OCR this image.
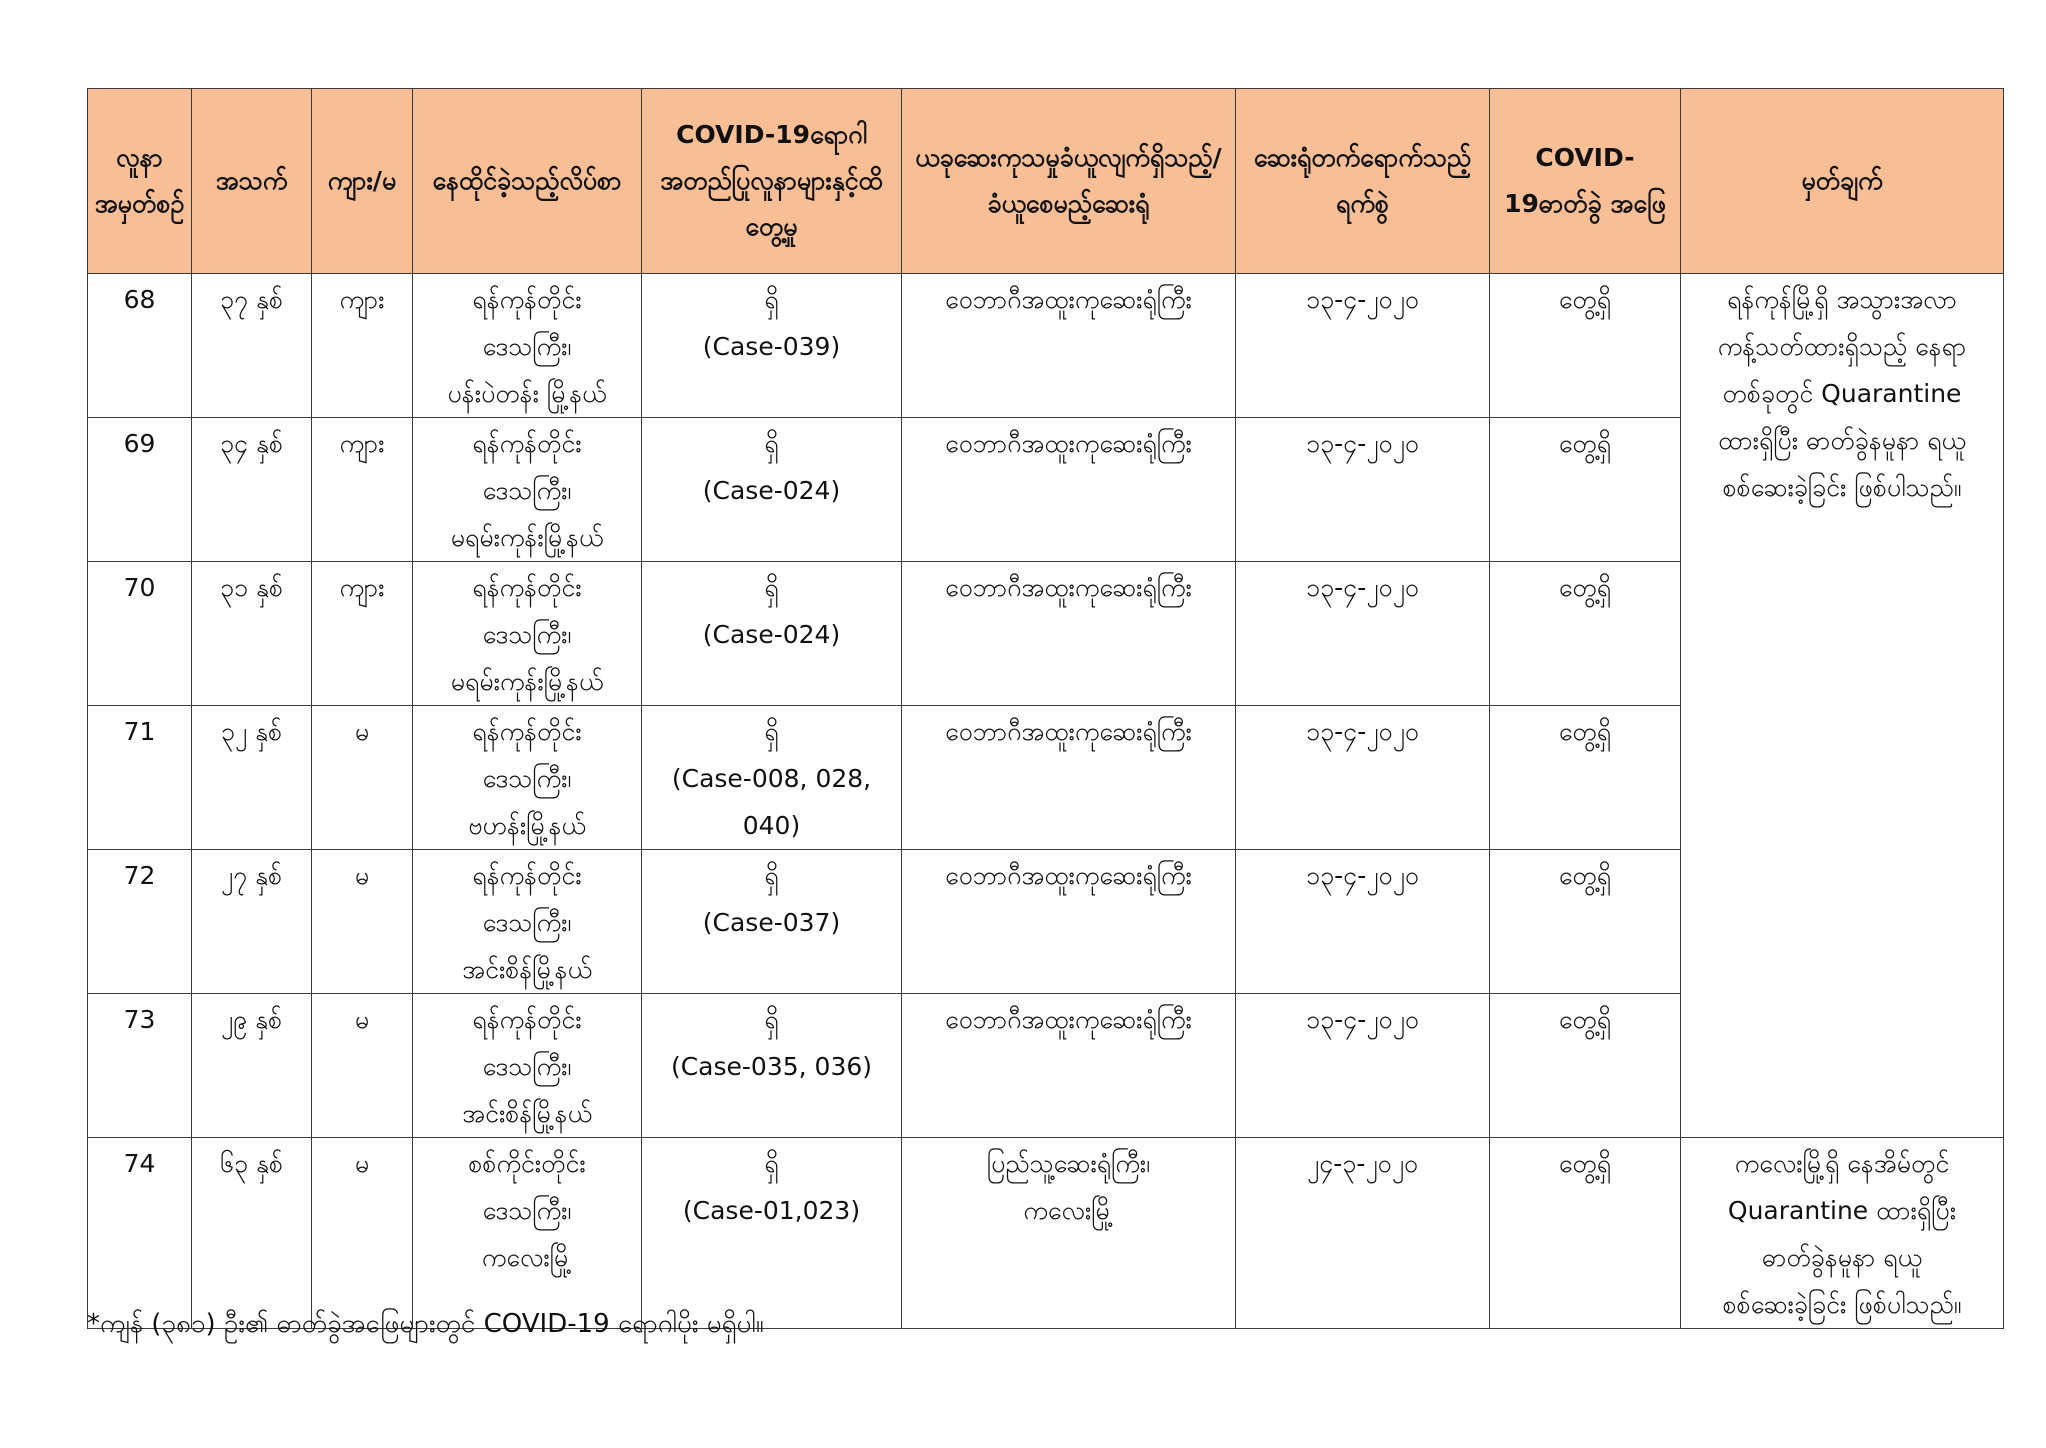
လူနာအမှတ်စဉ်	အသက်	ကျား/မ	နေထိုင်ခဲ့သည့်လိပ်စာ	COVID-19ရောဂါအတည်ပြုလူနာများနှင့်ထိတွေ့မှု	ယခုဆေးကုသမှုခံယူလျက်ရှိသည့်/ခံယူစေမည့်ဆေးရုံ	ဆေးရုံတက်ရောက်သည့် ရက်စွဲ	COVID-19ဓာတ်ခွဲ အဖြေ	မှတ်ချက်

68	၃၇ နှစ်	ကျား	ရန်ကုန်တိုင်း
ဒေသကြီး၊
ပန်းပဲတန်း မြို့နယ်	ရှိ
(Case-039)	ဝေဘာဂီအထူးကုဆေးရုံကြီး	၁၃-၄-၂၀၂၀	တွေ့ရှိ	ရန်ကုန်မြို့ရှိ အသွားအလာ
ကန့်သတ်ထားရှိသည့် နေရာ
တစ်ခုတွင် Quarantine
ထားရှိပြီး ဓာတ်ခွဲနမူနာ ရယူ
စစ်ဆေးခဲ့ခြင်း ဖြစ်ပါသည်။

69	၃၄ နှစ်	ကျား	ရန်ကုန်တိုင်း
ဒေသကြီး၊
မရမ်းကုန်းမြို့နယ်	ရှိ
(Case-024)	ဝေဘာဂီအထူးကုဆေးရုံကြီး	၁၃-၄-၂၀၂၀	တွေ့ရှိ	
70	၃၁ နှစ်	ကျား	ရန်ကုန်တိုင်း
ဒေသကြီး၊
မရမ်းကုန်းမြို့နယ်	ရှိ
(Case-024)	ဝေဘာဂီအထူးကုဆေးရုံကြီး	၁၃-၄-၂၀၂၀	တွေ့ရှိ	
71	၃၂ နှစ်	မ	ရန်ကုန်တိုင်း
ဒေသကြီး၊
ဗဟန်းမြို့နယ်	ရှိ
(Case-008, 028, 040)	ဝေဘာဂီအထူးကုဆေးရုံကြီး	၁၃-၄-၂၀၂၀	တွေ့ရှိ	
72	၂၇ နှစ်	မ	ရန်ကုန်တိုင်း
ဒေသကြီး၊
အင်းစိန်မြို့နယ်	ရှိ
(Case-037)	ဝေဘာဂီအထူးကုဆေးရုံကြီး	၁၃-၄-၂၀၂၀	တွေ့ရှိ	
73	၂၉ နှစ်	မ	ရန်ကုန်တိုင်း
ဒေသကြီး၊
အင်းစိန်မြို့နယ်	ရှိ
(Case-035, 036)	ဝေဘာဂီအထူးကုဆေးရုံကြီး	၁၃-၄-၂၀၂၀	တွေ့ရှိ	
74	၆၃ နှစ်	မ	စစ်ကိုင်းတိုင်း
ဒေသကြီး၊
ကလေးမြို့	ရှိ
(Case-01,023)	ပြည်သူ့ဆေးရုံကြီး၊
ကလေးမြို့	၂၄-၃-၂၀၂၀	တွေ့ရှိ	ကလေးမြို့ရှိ နေအိမ်တွင်
Quarantine ထားရှိပြီး
ဓာတ်ခွဲနမူနာ ရယူ
စစ်ဆေးခဲ့ခြင်း ဖြစ်ပါသည်။
*ကျန် (၃၈၁) ဦး၏ ဓာတ်ခွဲအဖြေများတွင် COVID-19 ရောဂါပိုး မရှိပါ။
